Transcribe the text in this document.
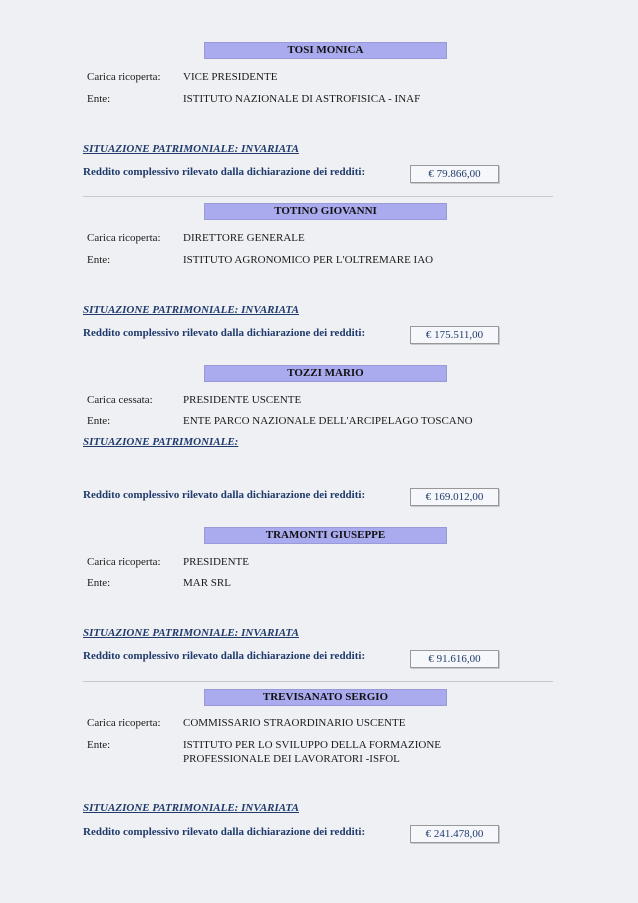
TOSI MONICA
Carica ricoperta:	VICE PRESIDENTE
Ente:	ISTITUTO NAZIONALE DI ASTROFISICA - INAF
SITUAZIONE PATRIMONIALE: INVARIATA
Reddito complessivo rilevato dalla dichiarazione dei redditi:	€ 79.866,00
TOTINO GIOVANNI
Carica ricoperta:	DIRETTORE GENERALE
Ente:	ISTITUTO AGRONOMICO PER L'OLTREMARE IAO
SITUAZIONE PATRIMONIALE: INVARIATA
Reddito complessivo rilevato dalla dichiarazione dei redditi:	€ 175.511,00
TOZZI MARIO
Carica cessata:	PRESIDENTE USCENTE
Ente:	ENTE PARCO NAZIONALE DELL'ARCIPELAGO TOSCANO
SITUAZIONE PATRIMONIALE:
Reddito complessivo rilevato dalla dichiarazione dei redditi:	€ 169.012,00
TRAMONTI GIUSEPPE
Carica ricoperta:	PRESIDENTE
Ente:	MAR SRL
SITUAZIONE PATRIMONIALE: INVARIATA
Reddito complessivo rilevato dalla dichiarazione dei redditi:	€ 91.616,00
TREVISANATO SERGIO
Carica ricoperta:	COMMISSARIO STRAORDINARIO USCENTE
Ente:	ISTITUTO PER LO SVILUPPO DELLA FORMAZIONE
PROFESSIONALE DEI LAVORATORI -ISFOL
SITUAZIONE PATRIMONIALE: INVARIATA
Reddito complessivo rilevato dalla dichiarazione dei redditi:	€ 241.478,00
